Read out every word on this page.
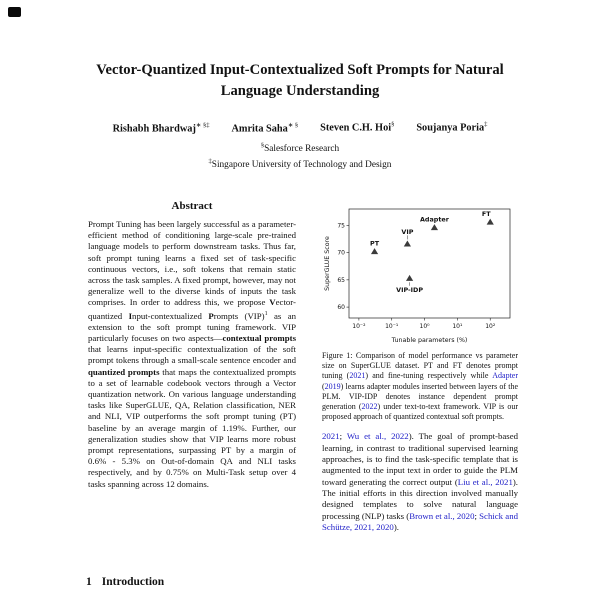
Vector-Quantized Input-Contextualized Soft Prompts for Natural Language Understanding
Rishabh Bhardwaj∗ §‡ Amrita Saha∗ § Steven C.H. Hoi§ Soujanya Poria‡
§Salesforce Research
‡Singapore University of Technology and Design
Abstract

Prompt Tuning has been largely successful as a parameter-efficient method of conditioning large-scale pre-trained language models to perform downstream tasks. Thus far, soft prompt tuning learns a fixed set of task-specific continuous vectors, i.e., soft tokens that remain static across the task samples. A fixed prompt, however, may not generalize well to the diverse kinds of inputs the task comprises. In order to address this, we propose Vector-quantized Input-contextualized Prompts (VIP)$^1$ as an extension to the soft prompt tuning framework. VIP particularly focuses on two aspects—contextual prompts that learns input-specific contextualization of the soft prompt tokens through a small-scale sentence encoder and quantized prompts that maps the contextualized prompts to a set of learnable codebook vectors through a Vector quantization network. On various language understanding tasks like SuperGLUE, QA, Relation classification, NER and NLI, VIP outperforms the soft prompt tuning (PT) baseline by an average margin of 1.19%. Further, our generalization studies show that VIP learns more robust prompt representations, surpassing PT by a margin of 0.6% - 5.3% on Out-of-domain QA and NLI tasks respectively, and by 0.75% on Multi-Task setup over 4 tasks spanning across 12 domains.

1 Introduction
60
65
70
75
10⁻²	10⁻¹	10⁰	10¹	10²
SuperGLUE Score
Tunable parameters (%)
PT
VIP
VIP-IDP
Adapter
FT

Figure 1: Comparison of model performance vs parameter size on SuperGLUE dataset. PT and FT denotes prompt tuning (2021) and fine-tuning respectively while Adapter (2019) learns adapter modules inserted between layers of the PLM. VIP-IDP denotes instance dependent prompt generation (2022) under text-to-text framework. VIP is our proposed approach of quantized contextual soft prompts.

2021; Wu et al., 2022). The goal of prompt-based learning, in contrast to traditional supervised learning approaches, is to find the task-specific template that is augmented to the input text in order to guide the PLM toward generating the correct output (Liu et al., 2021). The initial efforts in this direction involved manually designed templates to solve natural language processing (NLP) tasks (Brown et al., 2020; Schick and Schütze, 2021, 2020).
